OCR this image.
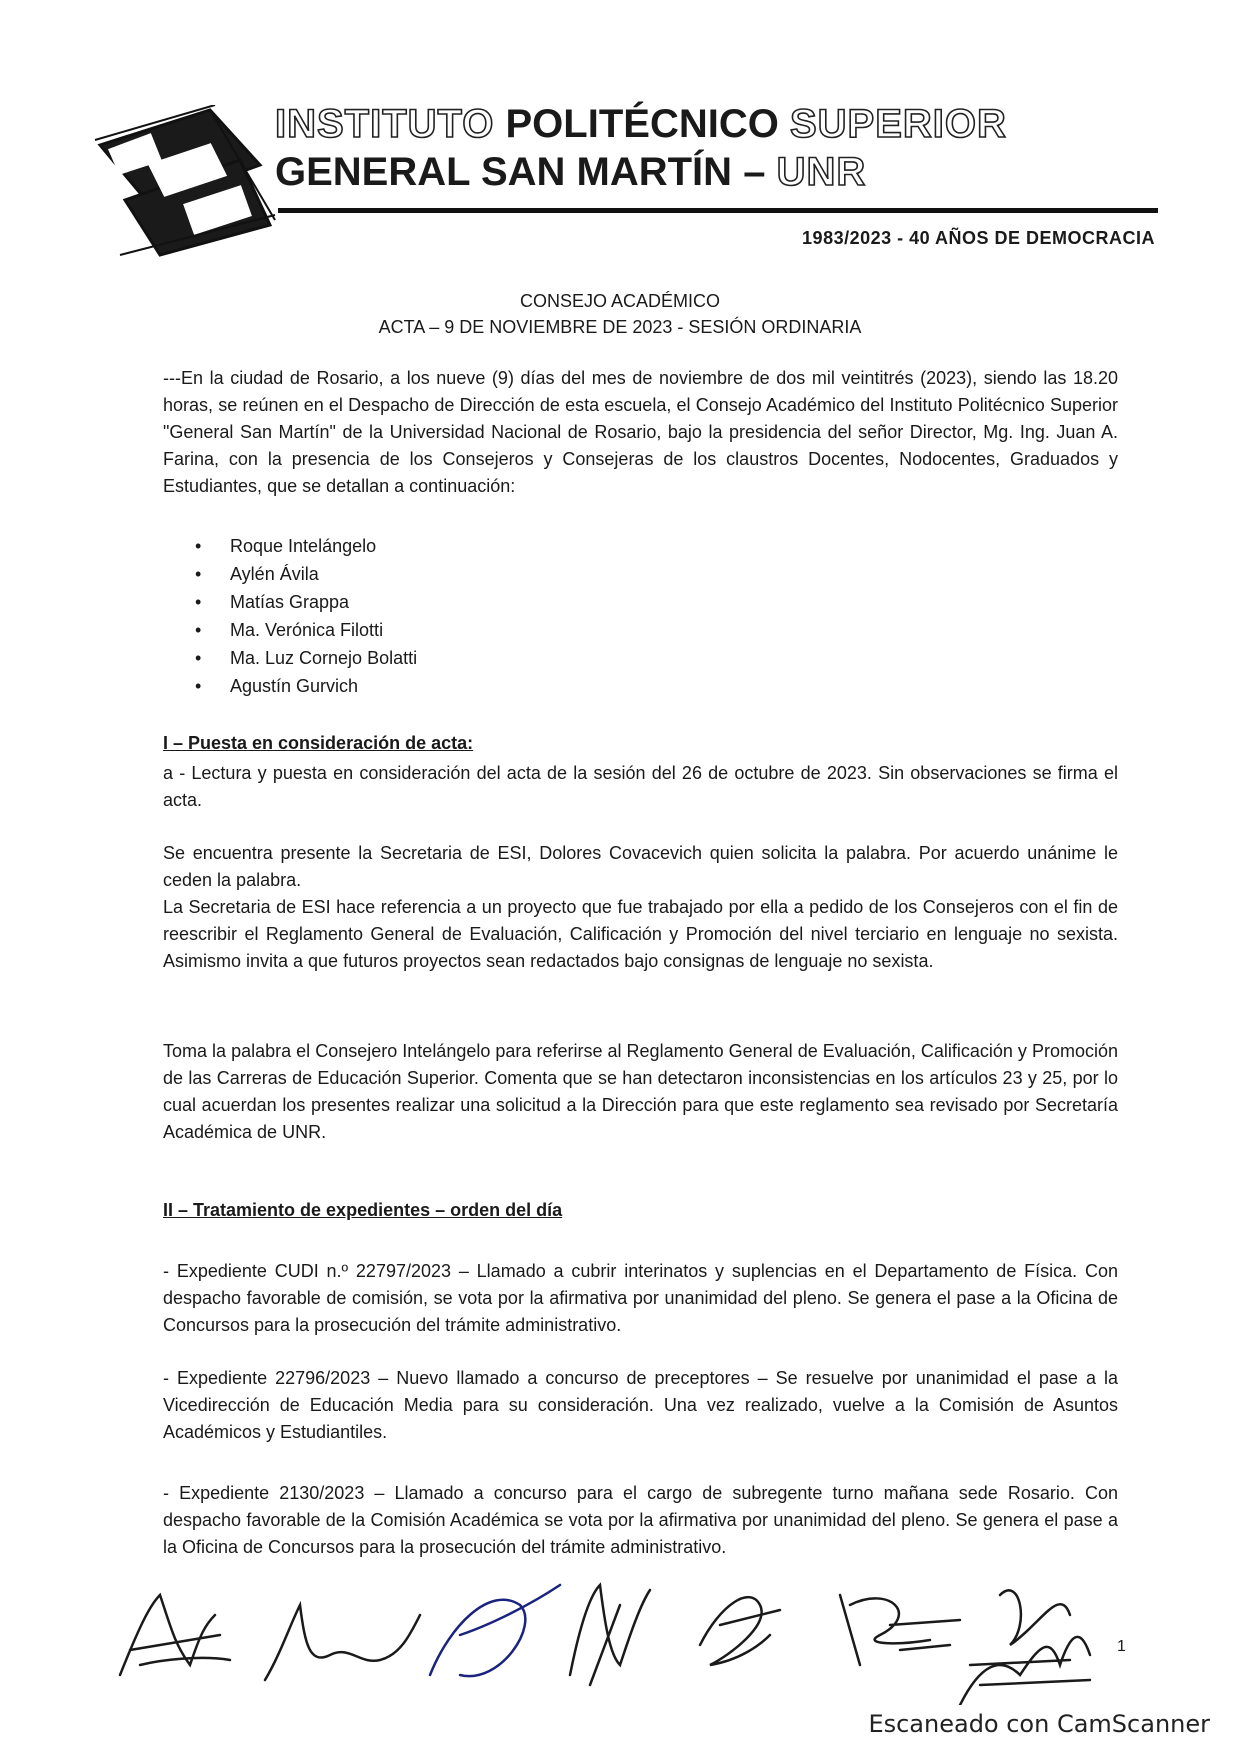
INSTITUTO POLITÉCNICO SUPERIOR
GENERAL SAN MARTÍN – UNR
1983/2023 - 40 AÑOS DE DEMOCRACIA
CONSEJO ACADÉMICO
ACTA – 9 DE NOVIEMBRE DE 2023 - SESIÓN ORDINARIA
---En la ciudad de Rosario, a los nueve (9) días del mes de noviembre de dos mil veintitrés (2023), siendo las 18.20 horas, se reúnen en el Despacho de Dirección de esta escuela, el Consejo Académico del Instituto Politécnico Superior "General San Martín" de la Universidad Nacional de Rosario, bajo la presidencia del señor Director, Mg. Ing. Juan A. Farina, con la presencia de los Consejeros y Consejeras de los claustros Docentes, Nodocentes, Graduados y Estudiantes, que se detallan a continuación:
• Roque Intelángelo
• Aylén Ávila
• Matías Grappa
• Ma. Verónica Filotti
• Ma. Luz Cornejo Bolatti
• Agustín Gurvich
I – Puesta en consideración de acta:
a - Lectura y puesta en consideración del acta de la sesión del 26 de octubre de 2023. Sin observaciones se firma el acta.
Se encuentra presente la Secretaria de ESI, Dolores Covacevich quien solicita la palabra. Por acuerdo unánime le ceden la palabra.
La Secretaria de ESI hace referencia a un proyecto que fue trabajado por ella a pedido de los Consejeros con el fin de reescribir el Reglamento General de Evaluación, Calificación y Promoción del nivel terciario en lenguaje no sexista. Asimismo invita a que futuros proyectos sean redactados bajo consignas de lenguaje no sexista.
Toma la palabra el Consejero Intelángelo para referirse al Reglamento General de Evaluación, Calificación y Promoción de las Carreras de Educación Superior. Comenta que se han detectaron inconsistencias en los artículos 23 y 25, por lo cual acuerdan los presentes realizar una solicitud a la Dirección para que este reglamento sea revisado por Secretaría Académica de UNR.
II – Tratamiento de expedientes – orden del día
- Expediente CUDI n.º 22797/2023 – Llamado a cubrir interinatos y suplencias en el Departamento de Física. Con despacho favorable de comisión, se vota por la afirmativa por unanimidad del pleno. Se genera el pase a la Oficina de Concursos para la prosecución del trámite administrativo.
- Expediente 22796/2023 – Nuevo llamado a concurso de preceptores – Se resuelve por unanimidad el pase a la Vicedirección de Educación Media para su consideración. Una vez realizado, vuelve a la Comisión de Asuntos Académicos y Estudiantiles.
- Expediente 2130/2023 – Llamado a concurso para el cargo de subregente turno mañana sede Rosario. Con despacho favorable de la Comisión Académica se vota por la afirmativa por unanimidad del pleno. Se genera el pase a la Oficina de Concursos para la prosecución del trámite administrativo.
1
Escaneado con CamScanner
